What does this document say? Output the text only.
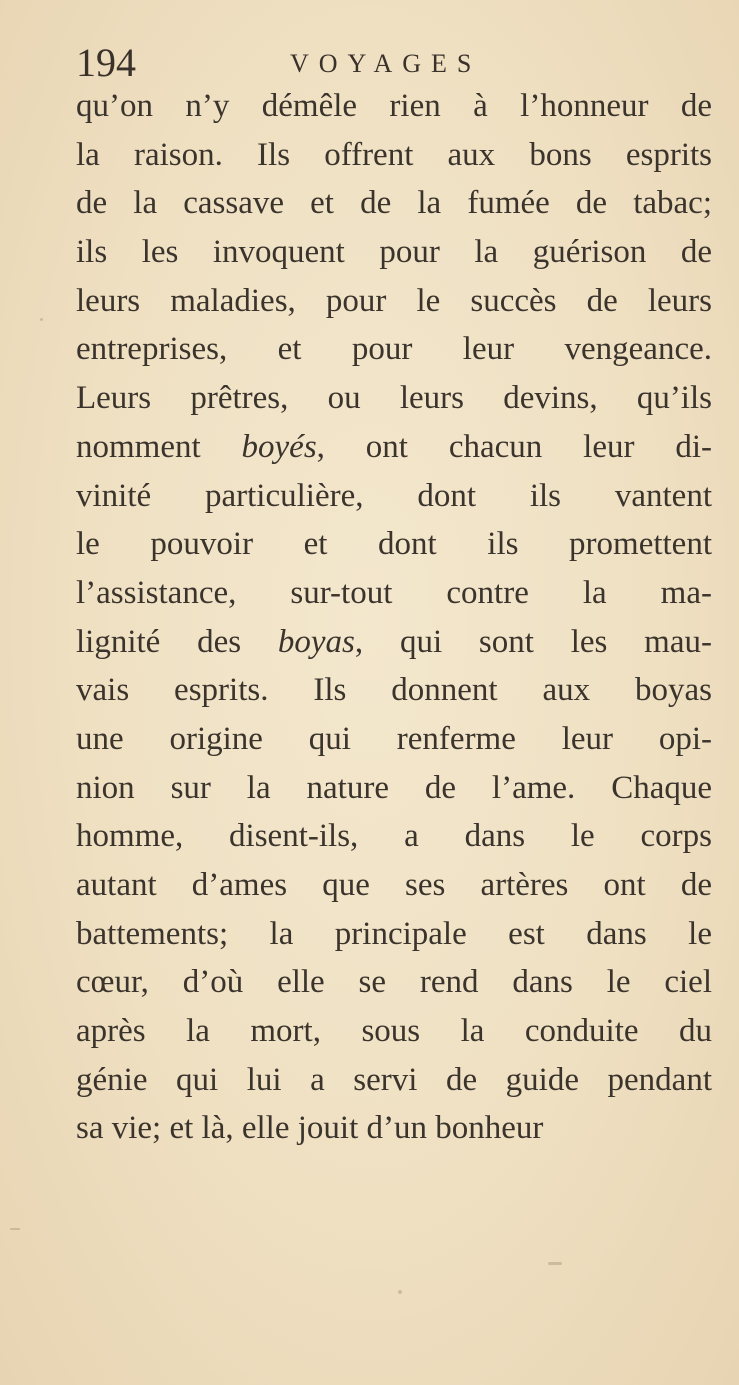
194	VOYAGES
qu’on n’y démêle rien à l’honneur de
la raison. Ils offrent aux bons esprits
de la cassave et de la fumée de tabac;
ils les invoquent pour la guérison de
leurs maladies, pour le succès de leurs
entreprises, et pour leur vengeance.
Leurs prêtres, ou leurs devins, qu’ils
nomment boyés, ont chacun leur di-
vinité particulière, dont ils vantent
le pouvoir et dont ils promettent
l’assistance, sur-tout contre la ma-
lignité des boyas, qui sont les mau-
vais esprits. Ils donnent aux boyas
une origine qui renferme leur opi-
nion sur la nature de l’ame. Chaque
homme, disent-ils, a dans le corps
autant d’ames que ses artères ont de
battements; la principale est dans le
cœur, d’où elle se rend dans le ciel
après la mort, sous la conduite du
génie qui lui a servi de guide pendant
sa vie; et là, elle jouit d’un bonheur
